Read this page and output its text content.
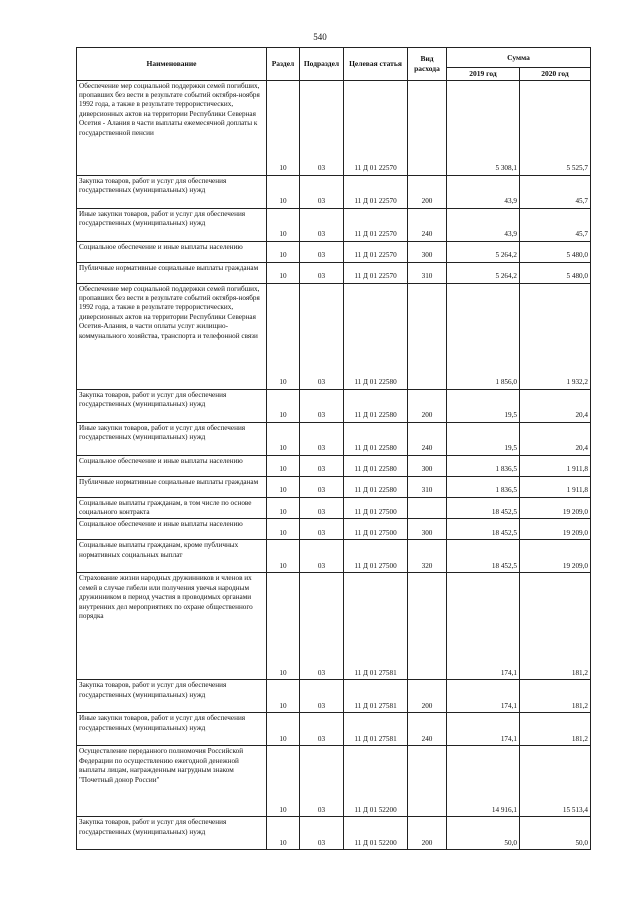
540
Наименование	Раздел	Подраздел	Целевая статья	Вид расхода	Сумма	
					2019 год	2020 год
Обеспечение мер социальной поддержки семей погибших, пропавших без вести в результате событий октября-ноября 1992 года, а также в результате террористических, диверсионных актов на территории Республики Северная Осетия - Алания в части выплаты ежемесячной доплаты к государственной пенсии	10	03	11 Д 01 22570		5 308,1	5 525,7
Закупка товаров, работ и услуг для обеспечения государственных (муниципальных) нужд	10	03	11 Д 01 22570	200	43,9	45,7
Иные закупки товаров, работ и услуг для обеспечения государственных (муниципальных) нужд	10	03	11 Д 01 22570	240	43,9	45,7
Социальное обеспечение и иные выплаты населению	10	03	11 Д 01 22570	300	5 264,2	5 480,0
Публичные нормативные социальные выплаты гражданам	10	03	11 Д 01 22570	310	5 264,2	5 480,0
Обеспечение мер социальной поддержки семей погибших, пропавших без вести в результате событий октября-ноября 1992 года, а также в результате террористических, диверсионных актов на территории Республики Северная Осетия-Алания, в части оплаты услуг жилищно-коммунального хозяйства, транспорта и телефонной связи	10	03	11 Д 01 22580		1 856,0	1 932,2
Закупка товаров, работ и услуг для обеспечения государственных (муниципальных) нужд	10	03	11 Д 01 22580	200	19,5	20,4
Иные закупки товаров, работ и услуг для обеспечения государственных (муниципальных) нужд	10	03	11 Д 01 22580	240	19,5	20,4
Социальное обеспечение и иные выплаты населению	10	03	11 Д 01 22580	300	1 836,5	1 911,8
Публичные нормативные социальные выплаты гражданам	10	03	11 Д 01 22580	310	1 836,5	1 911,8
Социальные выплаты гражданам, в том числе по основе социального контракта	10	03	11 Д 01 27500		18 452,5	19 209,0
Социальное обеспечение и иные выплаты населению	10	03	11 Д 01 27500	300	18 452,5	19 209,0
Социальные выплаты гражданам, кроме публичных нормативных социальных выплат	10	03	11 Д 01 27500	320	18 452,5	19 209,0
Страхование жизни народных дружинников и членов их семей в случае гибели или получения увечья народным дружинником в период участия в проводимых органами внутренних дел мероприятиях по охране общественного порядка	10	03	11 Д 01 27581		174,1	181,2
Закупка товаров, работ и услуг для обеспечения государственных (муниципальных) нужд	10	03	11 Д 01 27581	200	174,1	181,2
Иные закупки товаров, работ и услуг для обеспечения государственных (муниципальных) нужд	10	03	11 Д 01 27581	240	174,1	181,2
Осуществление переданного полномочия Российской Федерации по осуществлению ежегодной денежной выплаты лицам, награжденным нагрудным знаком "Почетный донор России"	10	03	11 Д 01 52200		14 916,1	15 513,4
Закупка товаров, работ и услуг для обеспечения государственных (муниципальных) нужд	10	03	11 Д 01 52200	200	50,0	50,0
